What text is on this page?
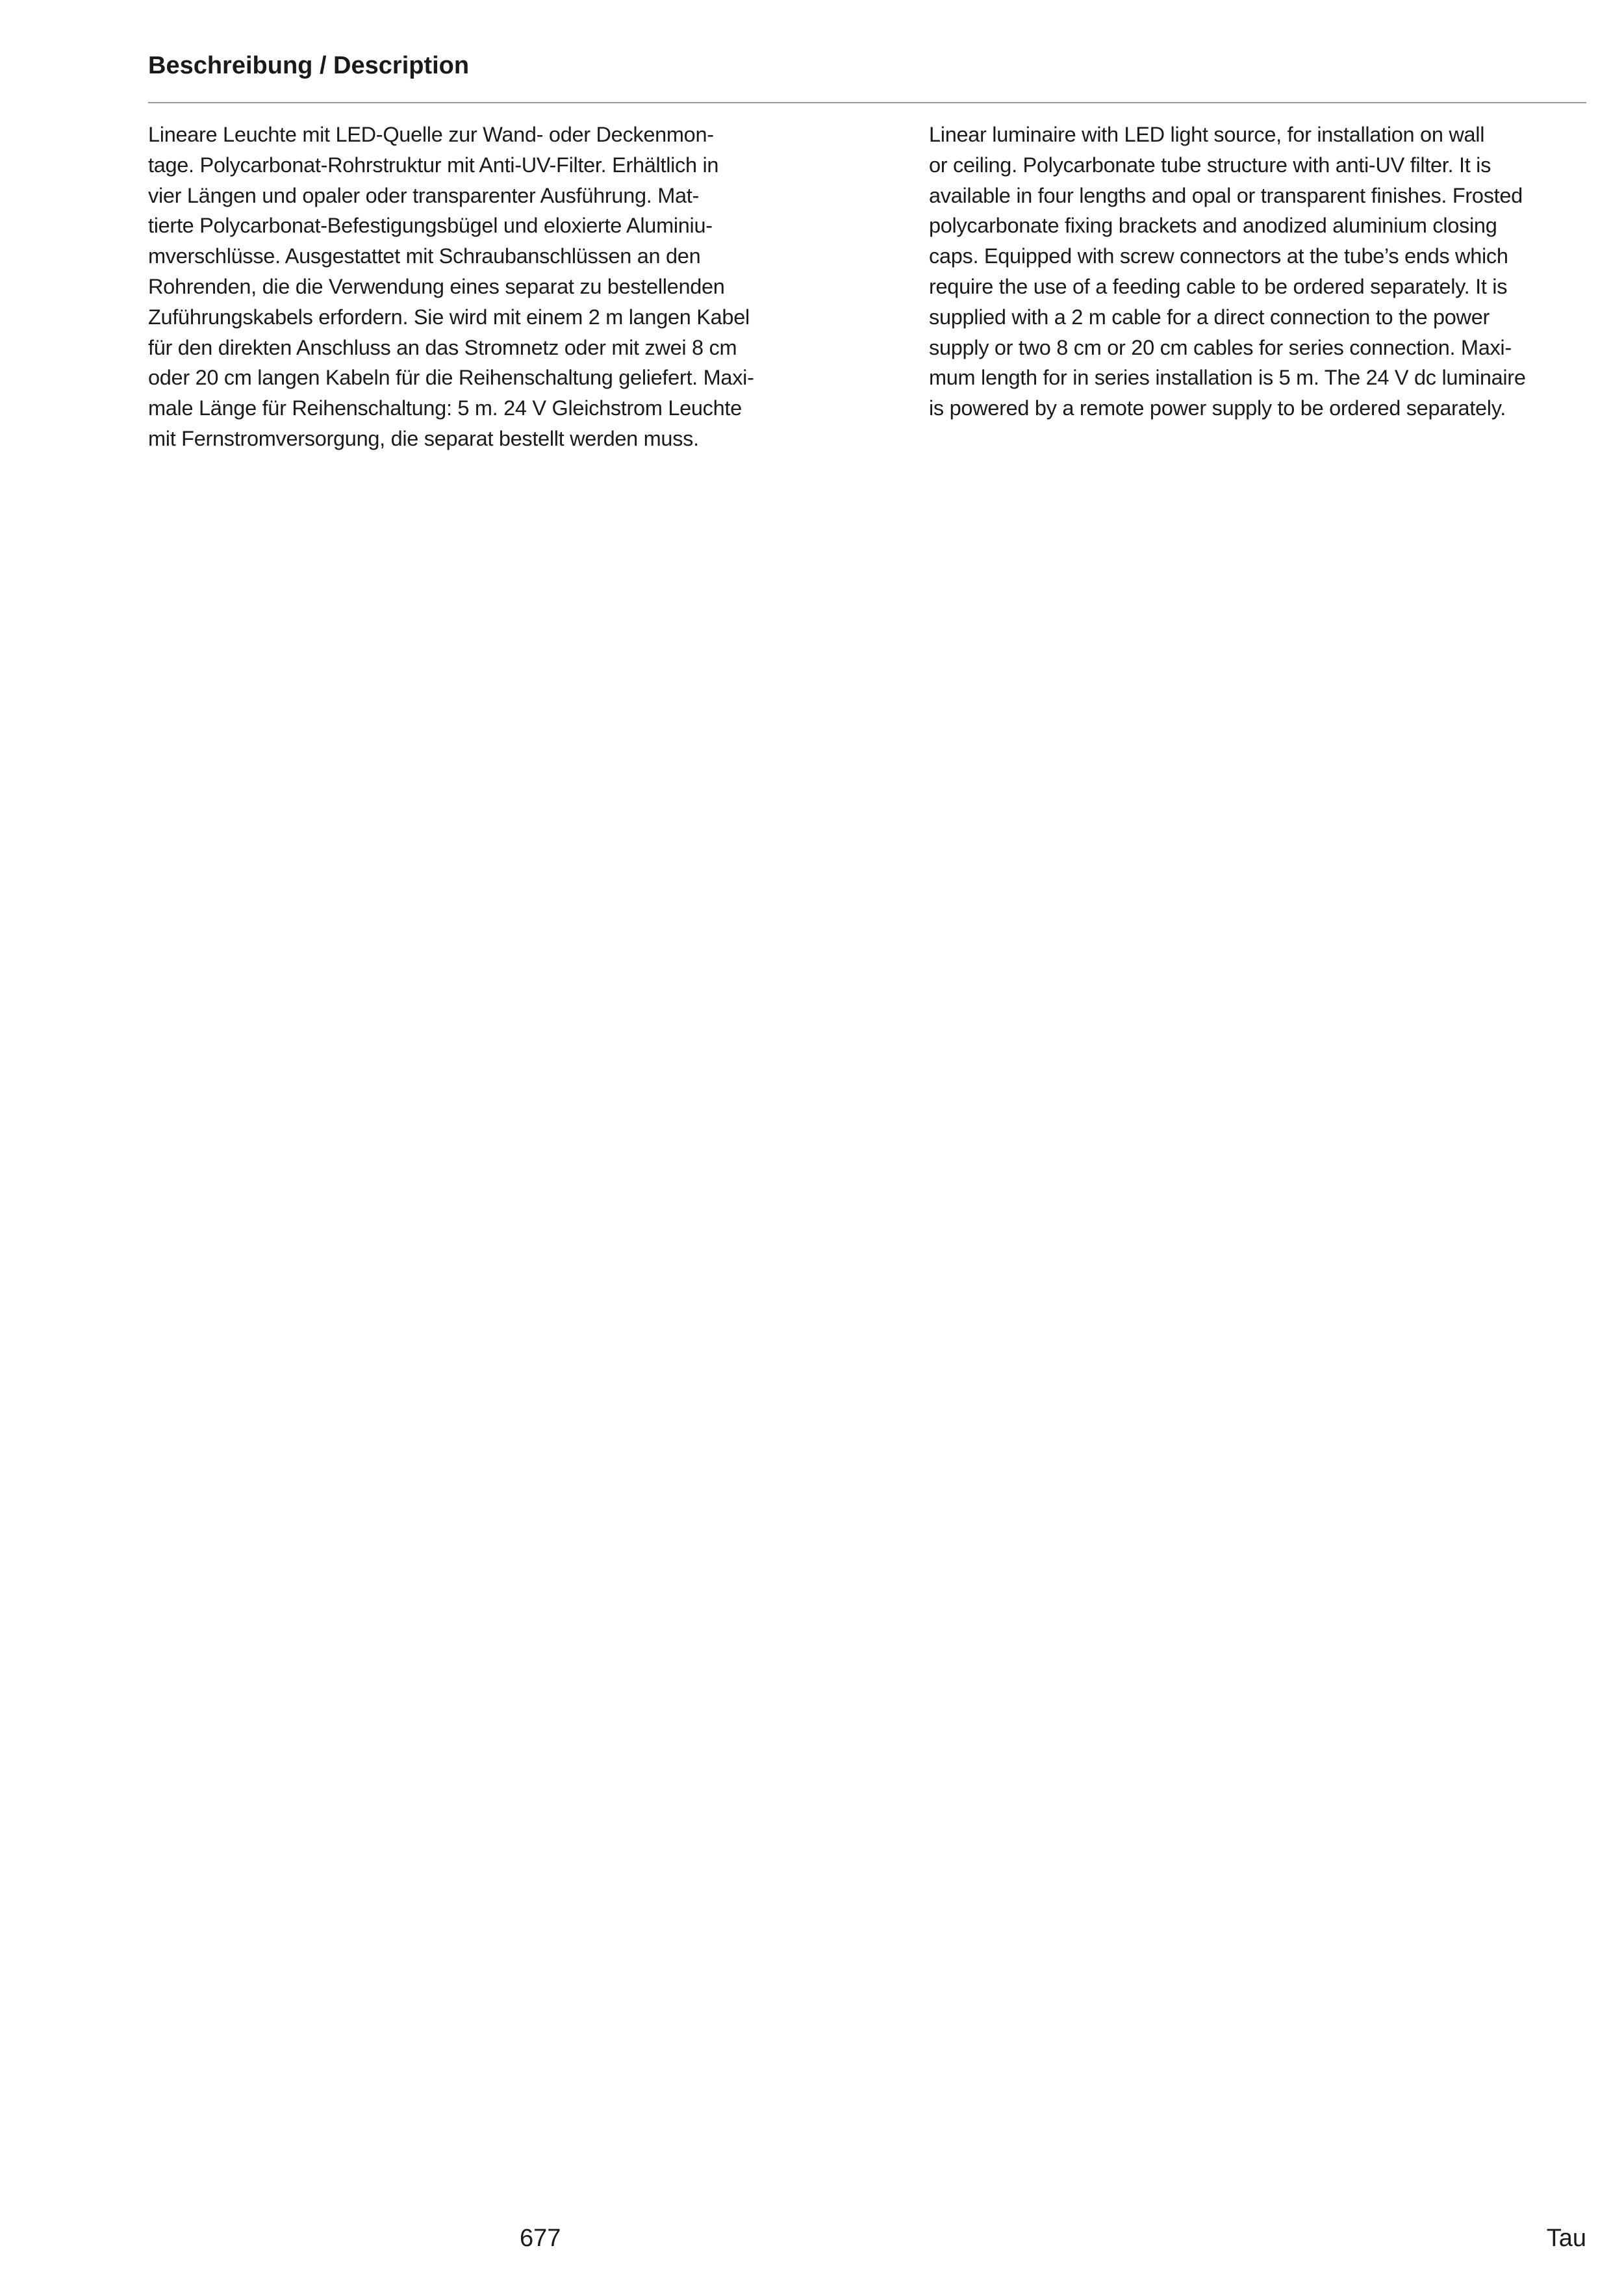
Beschreibung / Description
Lineare Leuchte mit LED-Quelle zur Wand- oder Deckenmon-
tage. Polycarbonat-Rohrstruktur mit Anti-UV-Filter. Erhältlich in
vier Längen und opaler oder transparenter Ausführung. Mat-
tierte Polycarbonat-Befestigungsbügel und eloxierte Aluminiu-
mverschlüsse. Ausgestattet mit Schraubanschlüssen an den
Rohrenden, die die Verwendung eines separat zu bestellenden
Zuführungskabels erfordern. Sie wird mit einem 2 m langen Kabel
für den direkten Anschluss an das Stromnetz oder mit zwei 8 cm
oder 20 cm langen Kabeln für die Reihenschaltung geliefert. Maxi-
male Länge für Reihenschaltung: 5 m. 24 V Gleichstrom Leuchte
mit Fernstromversorgung, die separat bestellt werden muss.
Linear luminaire with LED light source, for installation on wall
or ceiling. Polycarbonate tube structure with anti-UV filter. It is
available in four lengths and opal or transparent finishes. Frosted
polycarbonate fixing brackets and anodized aluminium closing
caps. Equipped with screw connectors at the tube’s ends which
require the use of a feeding cable to be ordered separately. It is
supplied with a 2 m cable for a direct connection to the power
supply or two 8 cm or 20 cm cables for series connection. Maxi-
mum length for in series installation is 5 m. The 24 V dc luminaire
is powered by a remote power supply to be ordered separately.
677	Tau
